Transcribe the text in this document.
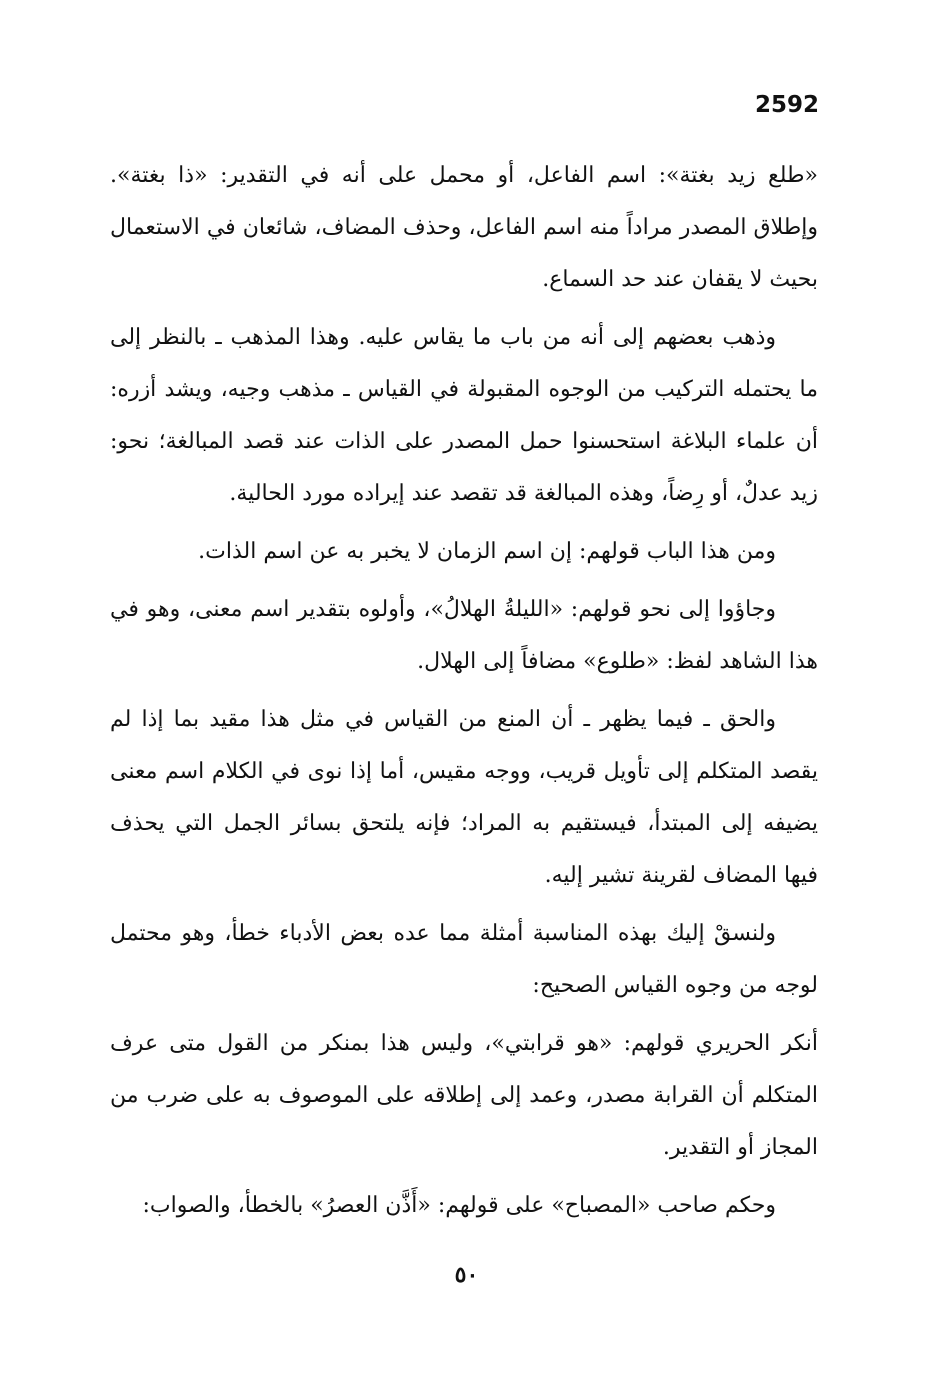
2592

«طلع زيد بغتة»: اسم الفاعل، أو محمل على أنه في التقدير: «ذا بغتة». وإطلاق المصدر مراداً منه اسم الفاعل، وحذف المضاف، شائعان في الاستعمال بحيث لا يقفان عند حد السماع.

وذهب بعضهم إلى أنه من باب ما يقاس عليه. وهذا المذهب ـ بالنظر إلى ما يحتمله التركيب من الوجوه المقبولة في القياس ـ مذهب وجيه، ويشد أزره: أن علماء البلاغة استحسنوا حمل المصدر على الذات عند قصد المبالغة؛ نحو: زيد عدلٌ، أو رِضاً، وهذه المبالغة قد تقصد عند إيراده مورد الحالية.

ومن هذا الباب قولهم: إن اسم الزمان لا يخبر به عن اسم الذات.

وجاؤوا إلى نحو قولهم: «الليلةُ الهلالُ»، وأولوه بتقدير اسم معنى، وهو في هذا الشاهد لفظ: «طلوع» مضافاً إلى الهلال.

والحق ـ فيما يظهر ـ أن المنع من القياس في مثل هذا مقيد بما إذا لم يقصد المتكلم إلى تأويل قريب، ووجه مقيس، أما إذا نوى في الكلام اسم معنى يضيفه إلى المبتدأ، فيستقيم به المراد؛ فإنه يلتحق بسائر الجمل التي يحذف فيها المضاف لقرينة تشير إليه.

ولنسقْ إليك بهذه المناسبة أمثلة مما عده بعض الأدباء خطأ، وهو محتمل لوجه من وجوه القياس الصحيح:

أنكر الحريري قولهم: «هو قرابتي»، وليس هذا بمنكر من القول متى عرف المتكلم أن القرابة مصدر، وعمد إلى إطلاقه على الموصوف به على ضرب من المجاز أو التقدير.

وحكم صاحب «المصباح» على قولهم: «أَذَّن العصرُ» بالخطأ، والصواب:

٥٠
